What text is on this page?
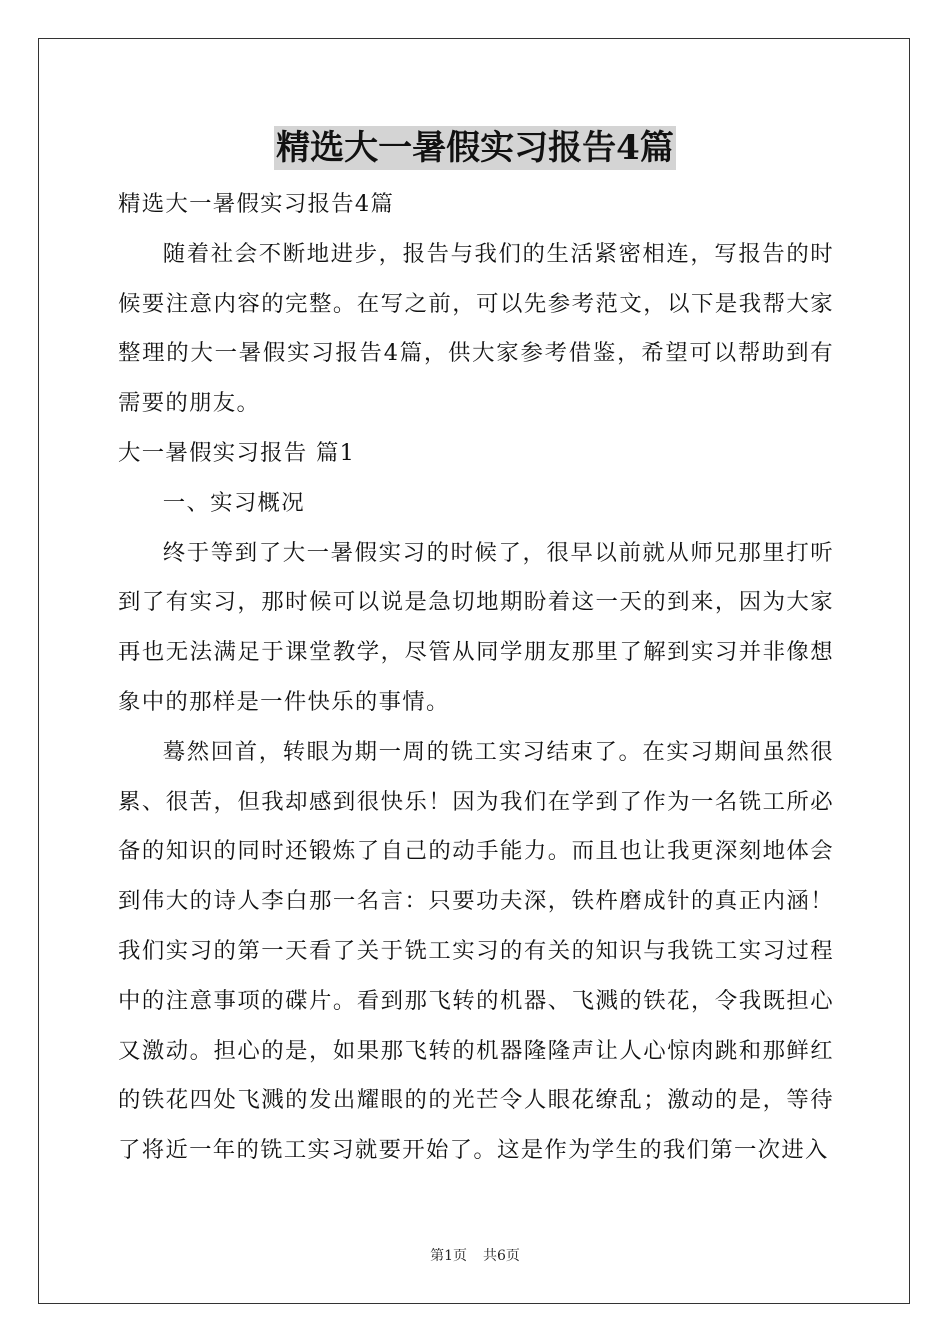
精选大一暑假实习报告4篇

精选大一暑假实习报告4篇

随着社会不断地进步，报告与我们的生活紧密相连，写报告的时候要注意内容的完整。在写之前，可以先参考范文，以下是我帮大家整理的大一暑假实习报告4篇，供大家参考借鉴，希望可以帮助到有需要的朋友。

大一暑假实习报告 篇1

一、实习概况

终于等到了大一暑假实习的时候了，很早以前就从师兄那里打听到了有实习，那时候可以说是急切地期盼着这一天的到来，因为大家再也无法满足于课堂教学，尽管从同学朋友那里了解到实习并非像想象中的那样是一件快乐的事情。

蓦然回首，转眼为期一周的铣工实习结束了。在实习期间虽然很累、很苦，但我却感到很快乐！因为我们在学到了作为一名铣工所必备的知识的同时还锻炼了自己的动手能力。而且也让我更深刻地体会到伟大的诗人李白那一名言：只要功夫深，铁杵磨成针的真正内涵！我们实习的第一天看了关于铣工实习的有关的知识与我铣工实习过程中的注意事项的碟片。看到那飞转的机器、飞溅的铁花，令我既担心又激动。担心的是，如果那飞转的机器隆隆声让人心惊肉跳和那鲜红的铁花四处飞溅的发出耀眼的的光芒令人眼花缭乱；激动的是，等待了将近一年的铣工实习就要开始了。这是作为学生的我们第一次进入

第1页 共6页
